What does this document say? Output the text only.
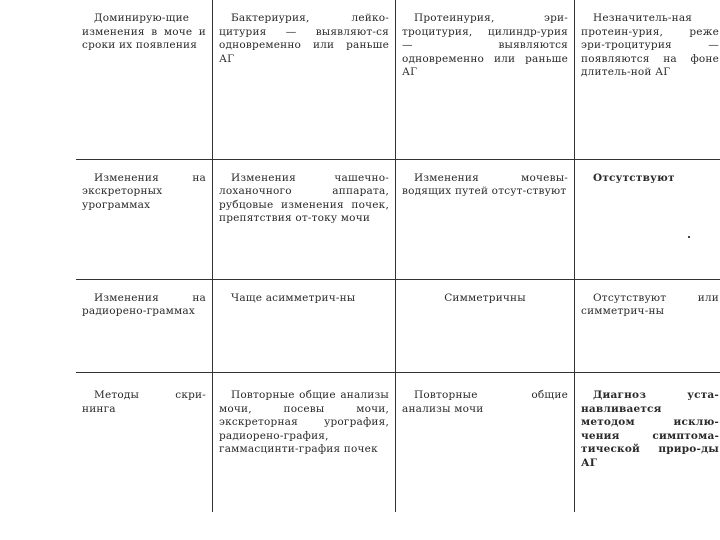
Доминирую-щие изменения в моче и сроки их появления	Бактериурия, лейко-цитурия — выявляют-ся одновременно или раньше АГ	Протеинурия, эри-троцитурия, цилиндр-урия — выявляются одновременно или раньше АГ	Незначитель-ная протеин-урия, реже эри-троцитурия — появляются на фоне длитель-ной АГ

Изменения на экскреторных урограммах	Изменения чашечно-лоханочного аппарата, рубцовые изменения почек, препятствия от-току мочи	Изменения мочевы-водящих путей отсут-ствуют	Отсутствуют

Изменения на радиорено-граммах	Чаще асимметрич-ны	Симметричны	Отсутствуют или симметрич-ны

Методы скри-нинга	Повторные общие анализы мочи, посевы мочи, экскреторная урография, радиорено-графия, гаммасцинти-графия почек	Повторные общие анализы мочи	Диагноз уста-навливается методом исклю-чения симптома-тической приро-ды АГ
